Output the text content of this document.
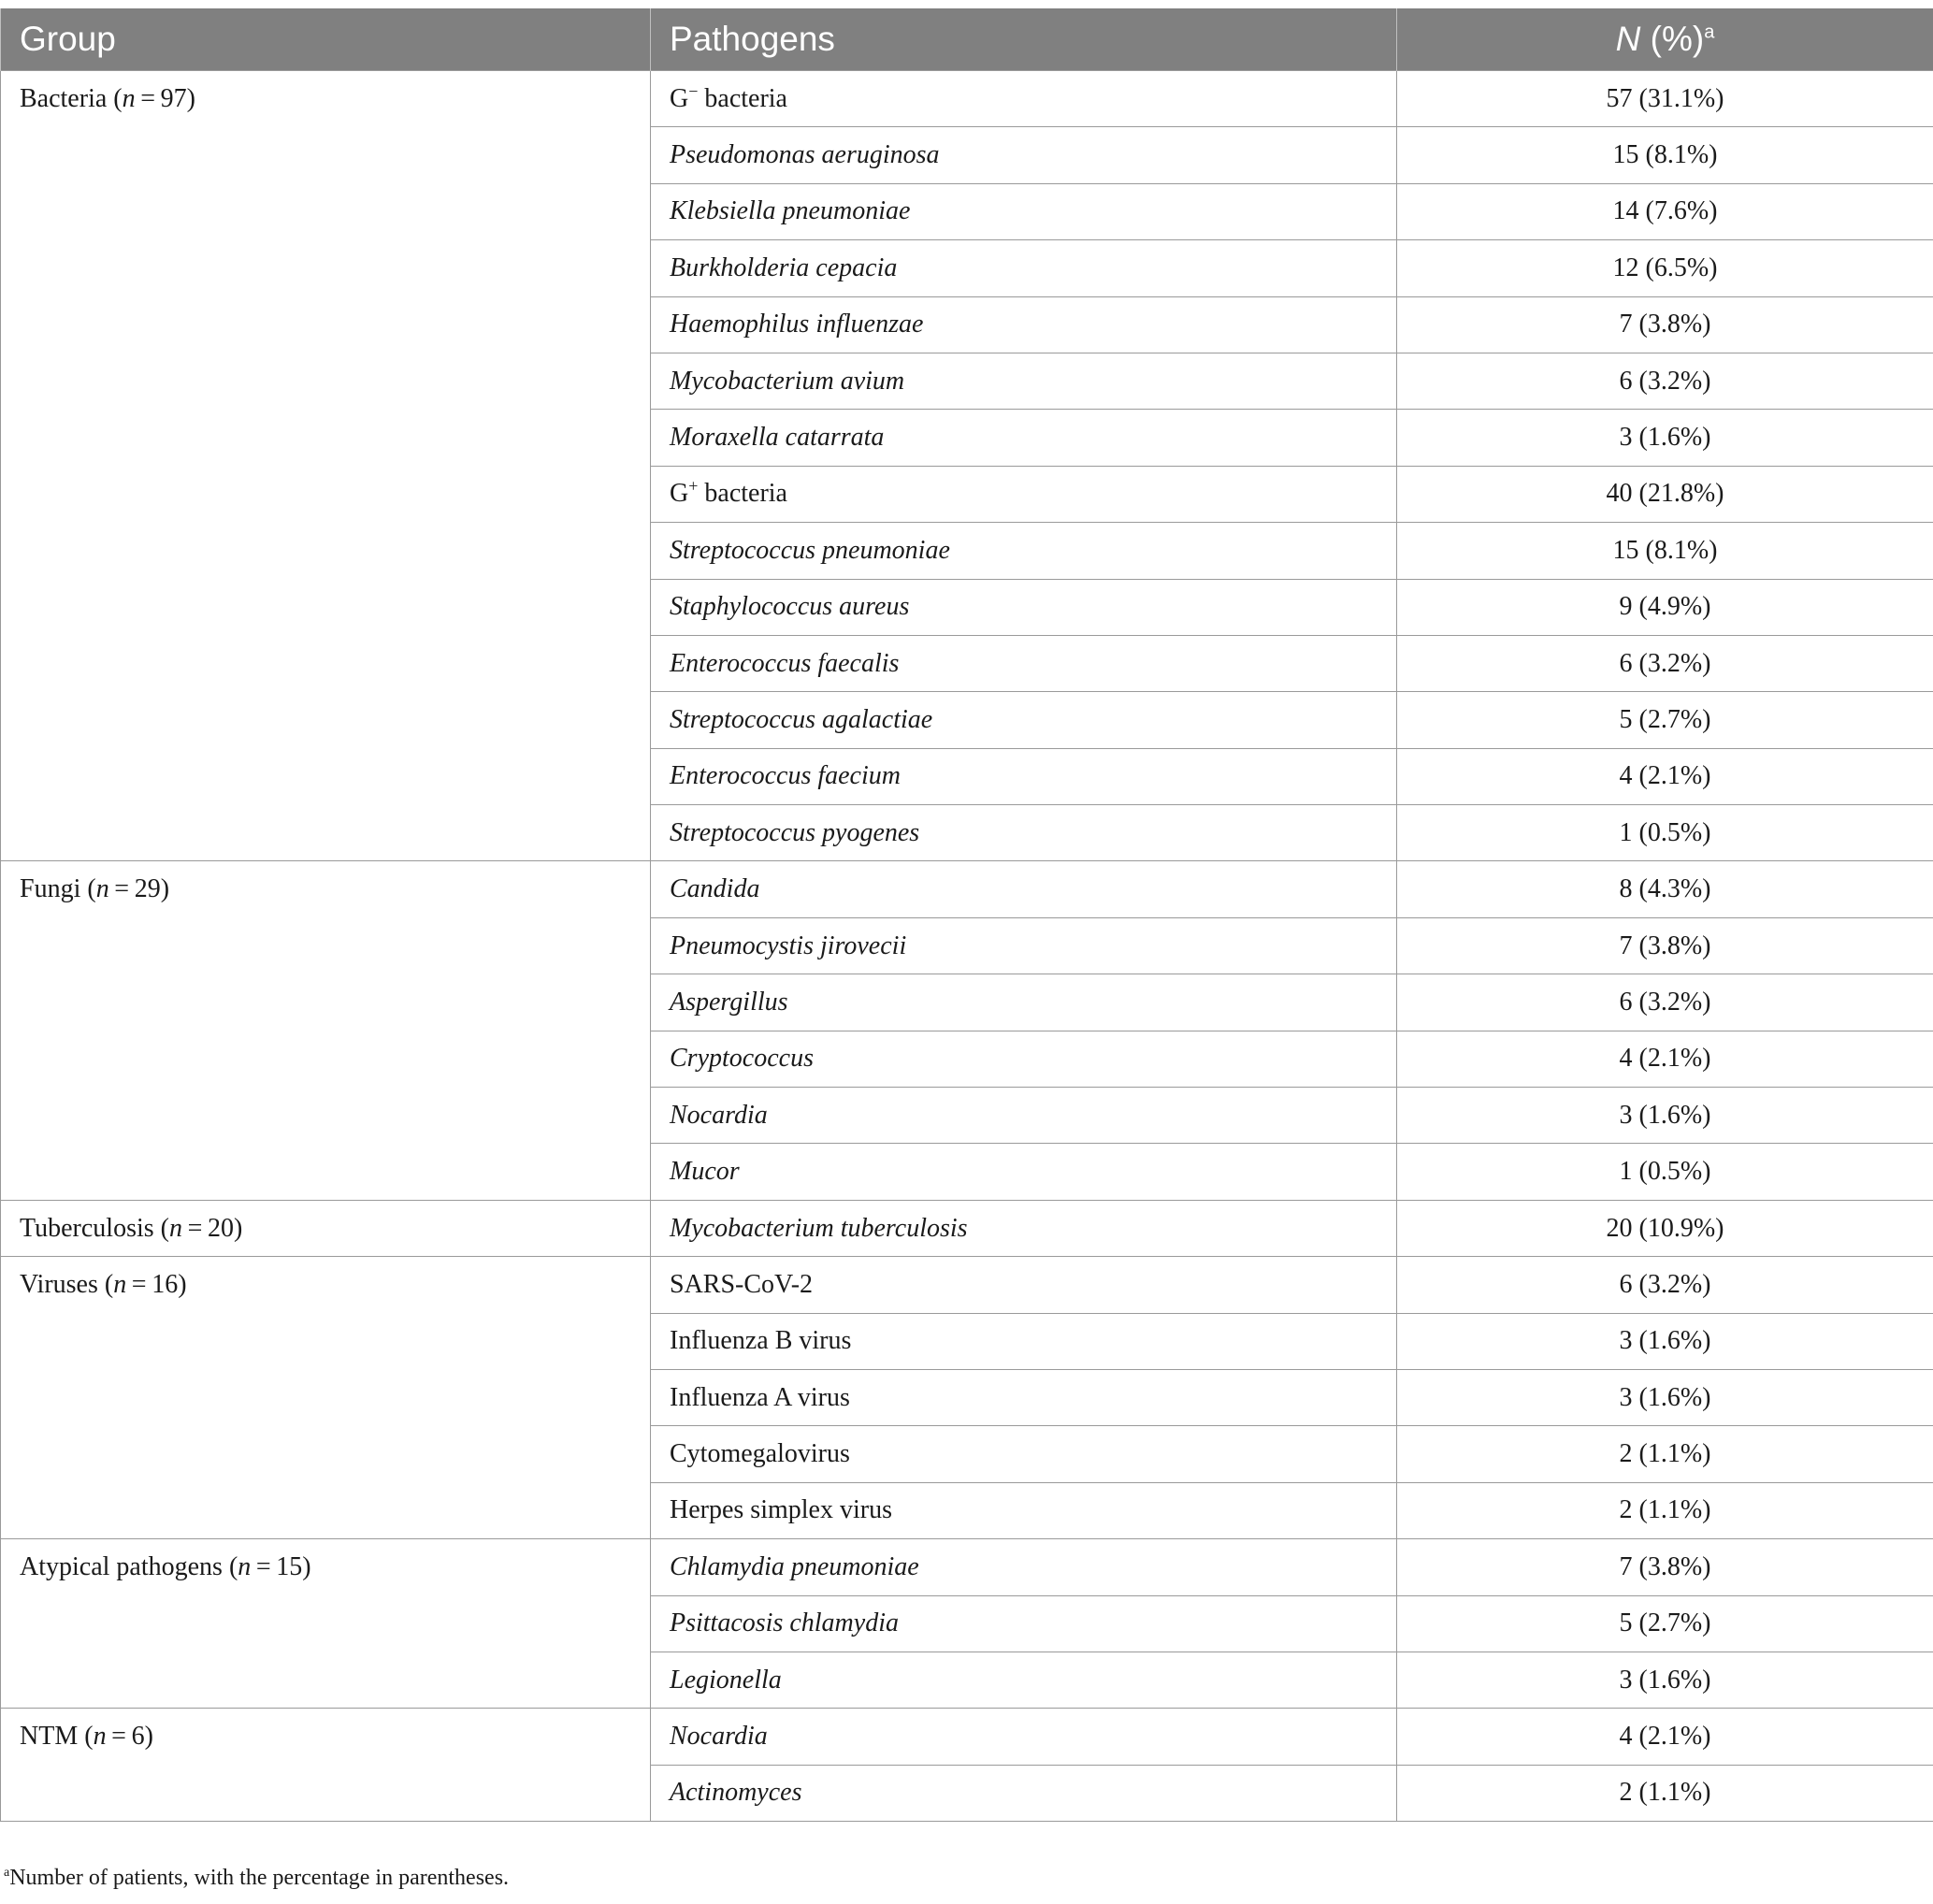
Group	Pathogens	N (%)$^a$
Bacteria (n = 97)	G− bacteria	57 (31.1%)
	Pseudomonas aeruginosa	15 (8.1%)
	Klebsiella pneumoniae	14 (7.6%)
	Burkholderia cepacia	12 (6.5%)
	Haemophilus influenzae	7 (3.8%)
	Mycobacterium avium	6 (3.2%)
	Moraxella catarrata	3 (1.6%)
	G+ bacteria	40 (21.8%)
	Streptococcus pneumoniae	15 (8.1%)
	Staphylococcus aureus	9 (4.9%)
	Enterococcus faecalis	6 (3.2%)
	Streptococcus agalactiae	5 (2.7%)
	Enterococcus faecium	4 (2.1%)
	Streptococcus pyogenes	1 (0.5%)
Fungi (n = 29)	Candida	8 (4.3%)
	Pneumocystis jirovecii	7 (3.8%)
	Aspergillus	6 (3.2%)
	Cryptococcus	4 (2.1%)
	Nocardia	3 (1.6%)
	Mucor	1 (0.5%)
Tuberculosis (n = 20)	Mycobacterium tuberculosis	20 (10.9%)
Viruses (n = 16)	SARS-CoV-2	6 (3.2%)
	Influenza B virus	3 (1.6%)
	Influenza A virus	3 (1.6%)
	Cytomegalovirus	2 (1.1%)
	Herpes simplex virus	2 (1.1%)
Atypical pathogens (n = 15)	Chlamydia pneumoniae	7 (3.8%)
	Psittacosis chlamydia	5 (2.7%)
	Legionella	3 (1.6%)
NTM (n = 6)	Nocardia	4 (2.1%)
	Actinomyces	2 (1.1%)
$^a$Number of patients, with the percentage in parentheses.
